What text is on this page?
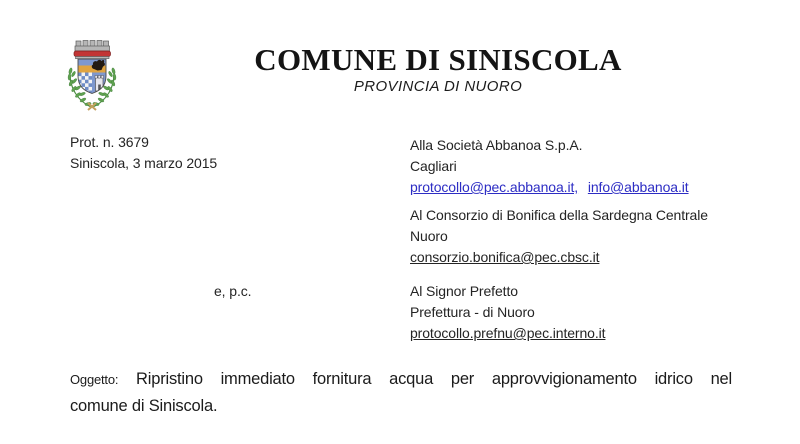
COMUNE DI SINISCOLA
PROVINCIA DI NUORO
Prot. n. 3679
Siniscola, 3 marzo 2015
Alla Società Abbanoa S.p.A.
Cagliari
protocollo@pec.abbanoa.it, info@abbanoa.it
Al Consorzio di Bonifica della Sardegna Centrale
Nuoro
consorzio.bonifica@pec.cbsc.it
e, p.c.	Al Signor Prefetto
Prefettura - di Nuoro
protocollo.prefnu@pec.interno.it
Oggetto: Ripristino immediato fornitura acqua per approvvigionamento idrico nel
comune di Siniscola.
